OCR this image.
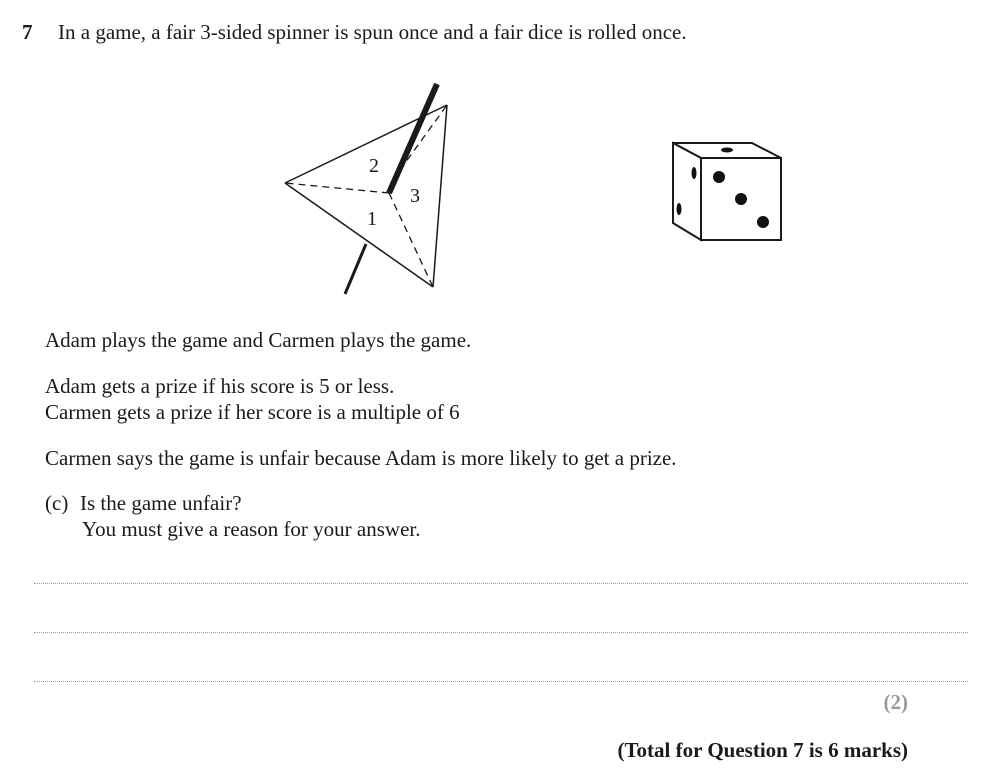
7 In a game, a fair 3-sided spinner is spun once and a fair dice is rolled once.
2
3
1
Adam plays the game and Carmen plays the game.
Adam gets a prize if his score is 5 or less.
Carmen gets a prize if her score is a multiple of 6
Carmen says the game is unfair because Adam is more likely to get a prize.
(c) Is the game unfair?
You must give a reason for your answer.
(2)
(Total for Question 7 is 6 marks)
